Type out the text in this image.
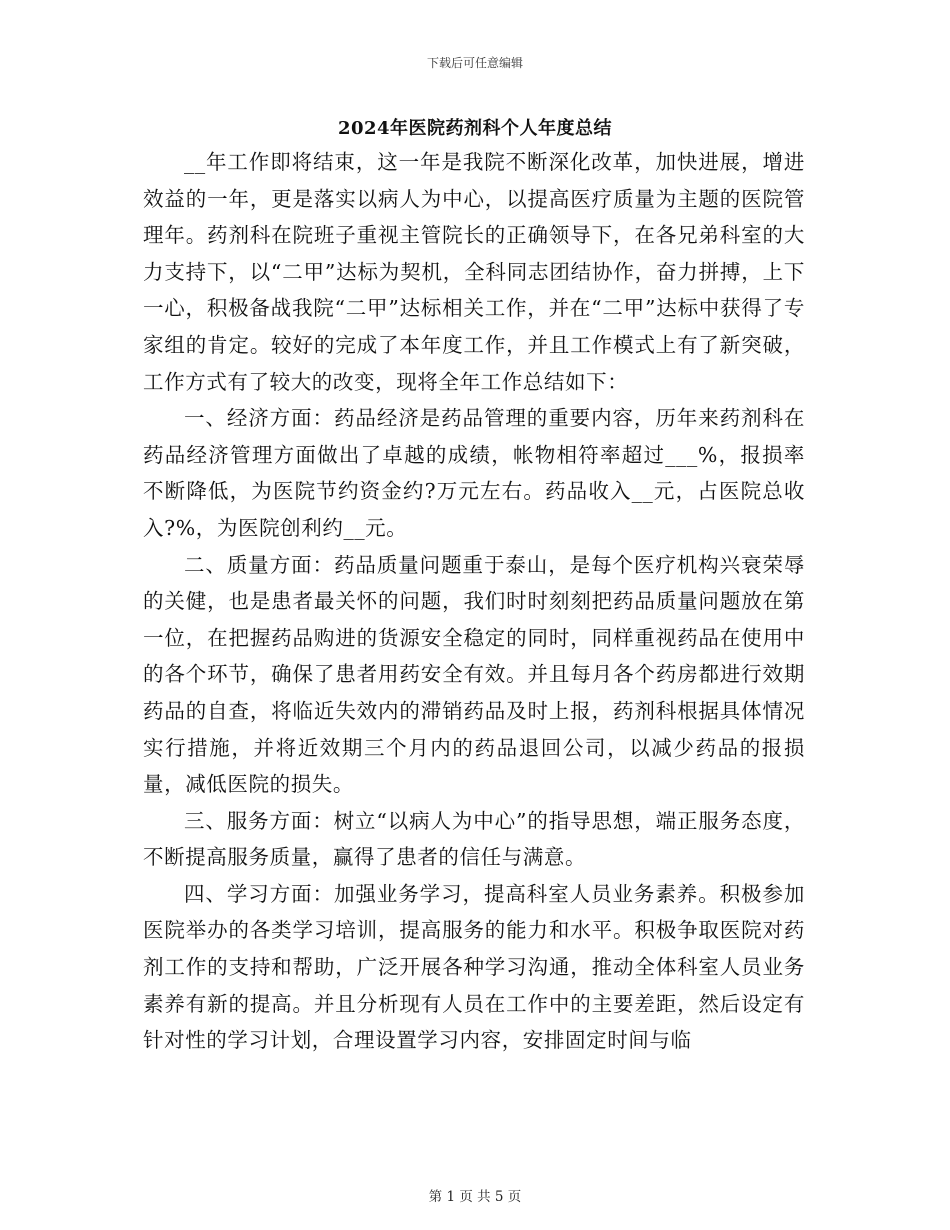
下载后可任意编辑
2024年医院药剂科个人年度总结

__年工作即将结束，这一年是我院不断深化改革，加快进展，增进效益的一年，更是落实以病人为中心，以提高医疗质量为主题的医院管理年。药剂科在院班子重视主管院长的正确领导下，在各兄弟科室的大力支持下，以“二甲”达标为契机，全科同志团结协作，奋力拼搏，上下一心，积极备战我院“二甲”达标相关工作，并在“二甲”达标中获得了专家组的肯定。较好的完成了本年度工作，并且工作模式上有了新突破，工作方式有了较大的改变，现将全年工作总结如下：

一、经济方面：药品经济是药品管理的重要内容，历年来药剂科在药品经济管理方面做出了卓越的成绩，帐物相符率超过___%，报损率不断降低，为医院节约资金约?万元左右。药品收入__元，占医院总收入?%，为医院创利约__元。

二、质量方面：药品质量问题重于泰山，是每个医疗机构兴衰荣辱的关健，也是患者最关怀的问题，我们时时刻刻把药品质量问题放在第一位，在把握药品购进的货源安全稳定的同时，同样重视药品在使用中的各个环节，确保了患者用药安全有效。并且每月各个药房都进行效期药品的自查，将临近失效内的滞销药品及时上报，药剂科根据具体情况实行措施，并将近效期三个月内的药品退回公司，以减少药品的报损量，减低医院的损失。

三、服务方面：树立“以病人为中心”的指导思想，端正服务态度，不断提高服务质量，赢得了患者的信任与满意。

四、学习方面：加强业务学习，提高科室人员业务素养。积极参加医院举办的各类学习培训，提高服务的能力和水平。积极争取医院对药剂工作的支持和帮助，广泛开展各种学习沟通，推动全体科室人员业务素养有新的提高。并且分析现有人员在工作中的主要差距，然后设定有针对性的学习计划，合理设置学习内容，安排固定时间与临

第 1 页 共 5 页
